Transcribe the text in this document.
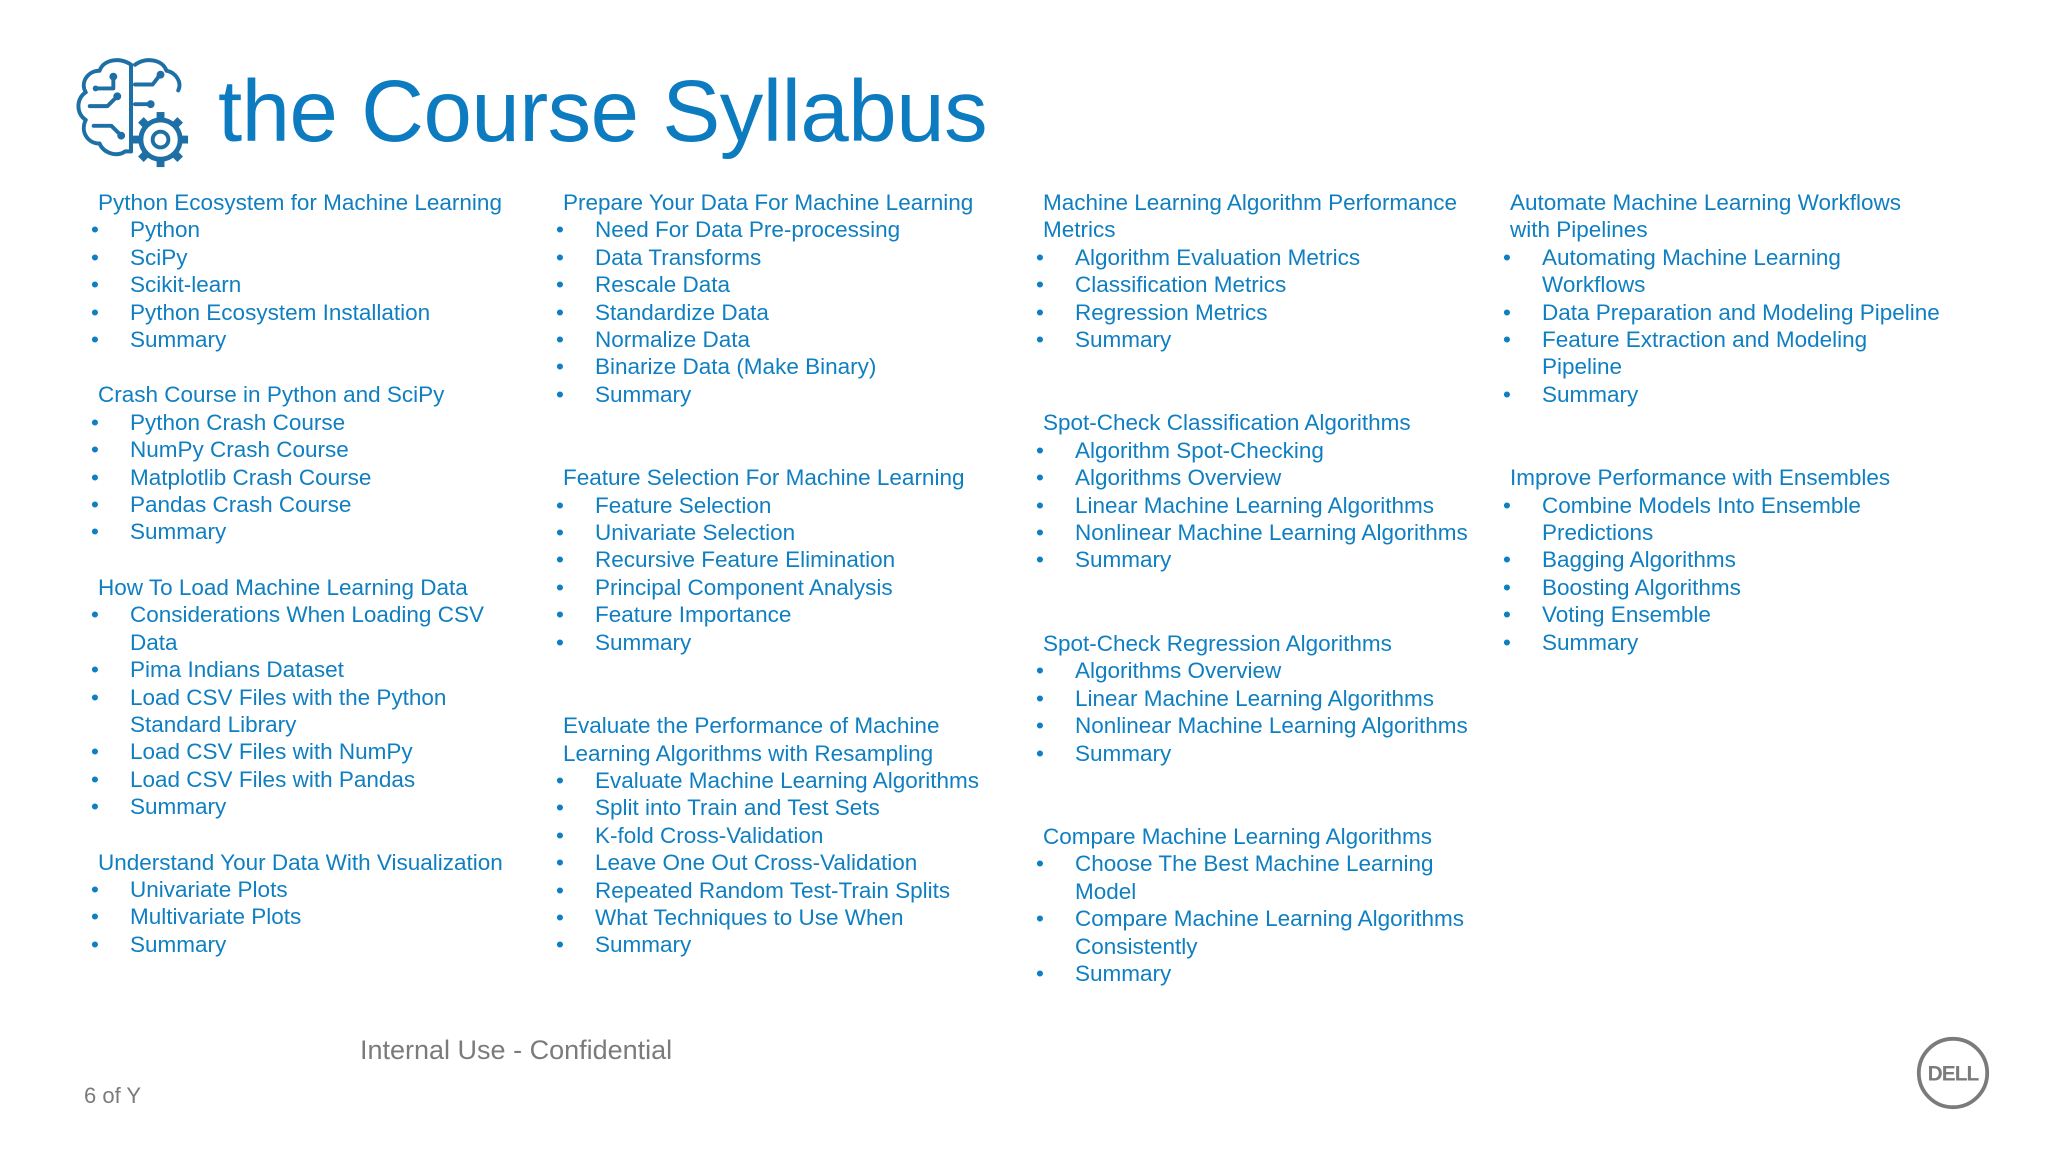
the Course Syllabus
Python Ecosystem for Machine Learning
• Python
• SciPy
• Scikit-learn
• Python Ecosystem Installation
• Summary
Crash Course in Python and SciPy
• Python Crash Course
• NumPy Crash Course
• Matplotlib Crash Course
• Pandas Crash Course
• Summary
How To Load Machine Learning Data
• Considerations When Loading CSV Data
• Pima Indians Dataset
• Load CSV Files with the Python Standard Library
• Load CSV Files with NumPy
• Load CSV Files with Pandas
• Summary
Understand Your Data With Visualization
• Univariate Plots
• Multivariate Plots
• Summary
Prepare Your Data For Machine Learning
• Need For Data Pre-processing
• Data Transforms
• Rescale Data
• Standardize Data
• Normalize Data
• Binarize Data (Make Binary)
• Summary
Feature Selection For Machine Learning
• Feature Selection
• Univariate Selection
• Recursive Feature Elimination
• Principal Component Analysis
• Feature Importance
• Summary
Evaluate the Performance of Machine Learning Algorithms with Resampling
• Evaluate Machine Learning Algorithms
• Split into Train and Test Sets
• K-fold Cross-Validation
• Leave One Out Cross-Validation
• Repeated Random Test-Train Splits
• What Techniques to Use When
• Summary
Machine Learning Algorithm Performance Metrics
• Algorithm Evaluation Metrics
• Classification Metrics
• Regression Metrics
• Summary
Spot-Check Classification Algorithms
• Algorithm Spot-Checking
• Algorithms Overview
• Linear Machine Learning Algorithms
• Nonlinear Machine Learning Algorithms
• Summary
Spot-Check Regression Algorithms
• Algorithms Overview
• Linear Machine Learning Algorithms
• Nonlinear Machine Learning Algorithms
• Summary
Compare Machine Learning Algorithms
• Choose The Best Machine Learning Model
• Compare Machine Learning Algorithms Consistently
• Summary
Automate Machine Learning Workflows with Pipelines
• Automating Machine Learning Workflows
• Data Preparation and Modeling Pipeline
• Feature Extraction and Modeling Pipeline
• Summary
Improve Performance with Ensembles
• Combine Models Into Ensemble Predictions
• Bagging Algorithms
• Boosting Algorithms
• Voting Ensemble
• Summary
Internal Use - Confidential
6 of Y
DELL
